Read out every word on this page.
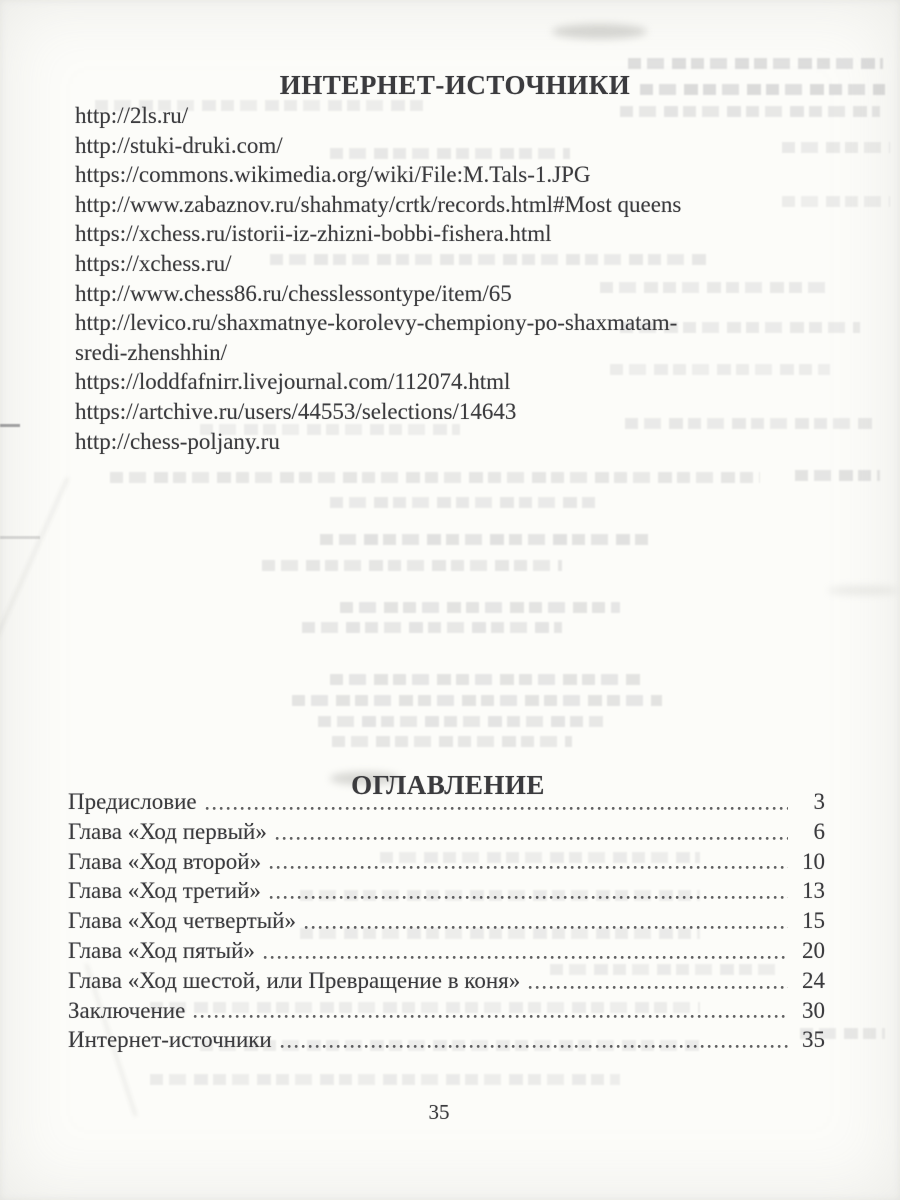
ИНТЕРНЕТ-ИСТОЧНИКИ
http://2ls.ru/
http://stuki-druki.com/
https://commons.wikimedia.org/wiki/File:M.Tals-1.JPG
http://www.zabaznov.ru/shahmaty/crtk/records.html#Most queens
https://xchess.ru/istorii-iz-zhizni-bobbi-fishera.html
https://xchess.ru/
http://www.chess86.ru/chesslessontype/item/65
http://levico.ru/shaxmatnye-korolevy-chempiony-po-shaxmatam-
sredi-zhenshhin/
https://loddfafnirr.livejournal.com/112074.html
https://artchive.ru/users/44553/selections/14643
http://chess-poljany.ru
ОГЛАВЛЕНИЕ
Предисловие	3
Глава «Ход первый»	6
Глава «Ход второй»	10
Глава «Ход третий»	13
Глава «Ход четвертый»	15
Глава «Ход пятый»	20
Глава «Ход шестой, или Превращение в коня»	24
Заключение	30
Интернет-источники	35
35
